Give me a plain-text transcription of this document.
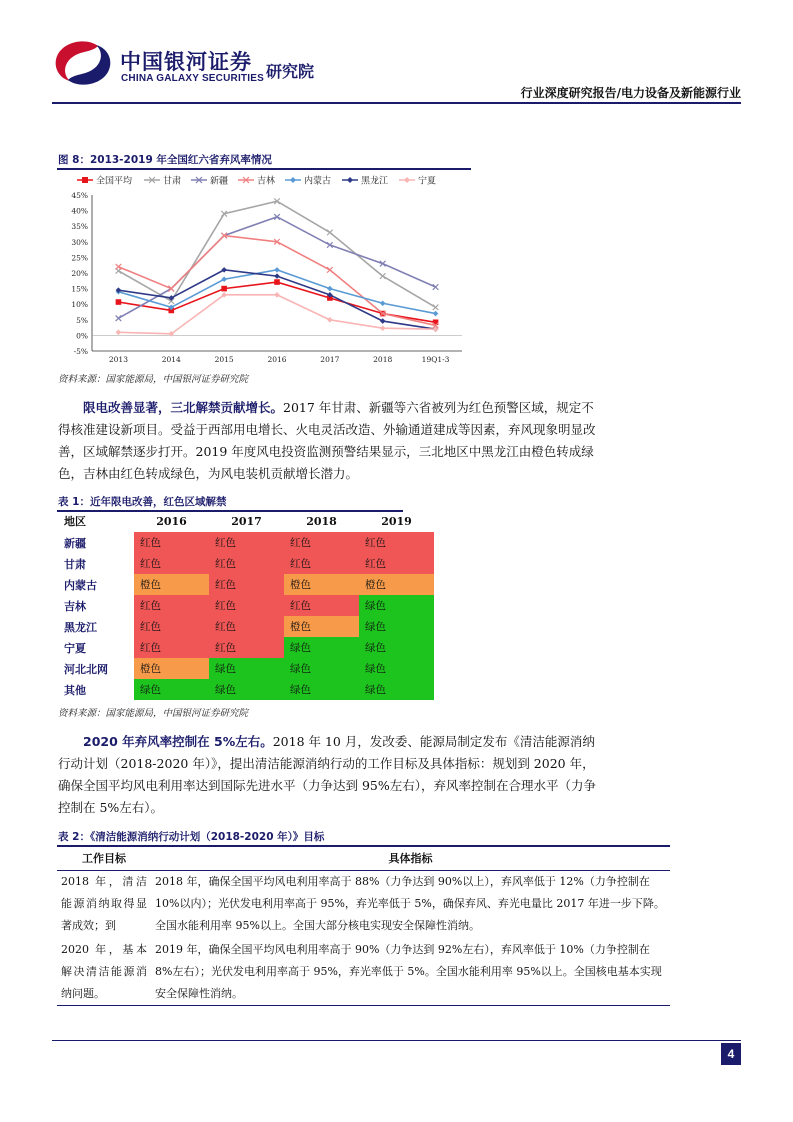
中国银河证券
CHINA GALAXY SECURITIES 研究院
行业深度研究报告/电力设备及新能源行业
图 8：2013-2019 年全国红六省弃风率情况
-5%
0%
5%
10%
15%
20%
25%
30%
35%
40%
45%
2013	2014	2015	2016	2017	2018	19Q1-3
全国平均	甘肃	新疆	吉林	内蒙古	黑龙江	宁夏
资料来源：国家能源局，中国银河证券研究院

限电改善显著，三北解禁贡献增长。2017 年甘肃、新疆等六省被列为红色预警区域，规定不得核准建设新项目。受益于西部用电增长、火电灵活改造、外输通道建成等因素，弃风现象明显改善，区域解禁逐步打开。2019 年度风电投资监测预警结果显示，三北地区中黑龙江由橙色转成绿色，吉林由红色转成绿色，为风电装机贡献增长潜力。

表 1：近年限电改善，红色区域解禁
地区	2016	2017	2018	2019
新疆	红色	红色	红色	红色
甘肃	红色	红色	红色	红色
内蒙古	橙色	红色	橙色	橙色
吉林	红色	红色	红色	绿色
黑龙江	红色	红色	橙色	绿色
宁夏	红色	红色	绿色	绿色
河北北网	橙色	绿色	绿色	绿色
其他	绿色	绿色	绿色	绿色
资料来源：国家能源局，中国银河证券研究院

2020 年弃风率控制在 5%左右。2018 年 10 月，发改委、能源局制定发布《清洁能源消纳行动计划（2018-2020 年）》，提出清洁能源消纳行动的工作目标及具体指标：规划到 2020 年，确保全国平均风电利用率达到国际先进水平（力争达到 95%左右），弃风率控制在合理水平（力争控制在 5%左右）。

表 2：《清洁能源消纳行动计划（2018-2020 年）》目标
工作目标	具体指标
2018 年，清洁能源消纳取得显著成效；到	2018 年，确保全国平均风电利用率高于 88%（力争达到 90%以上），弃风率低于 12%（力争控制在 10%以内）；光伏发电利用率高于 95%，弃光率低于 5%，确保弃风、弃光电量比 2017 年进一步下降。全国水能利用率 95%以上。全国大部分核电实现安全保障性消纳。
2020 年，基本解决清洁能源消纳问题。	2019 年，确保全国平均风电利用率高于 90%（力争达到 92%左右），弃风率低于 10%（力争控制在 8%左右）；光伏发电利用率高于 95%，弃光率低于 5%。全国水能利用率 95%以上。全国核电基本实现安全保障性消纳。
4
